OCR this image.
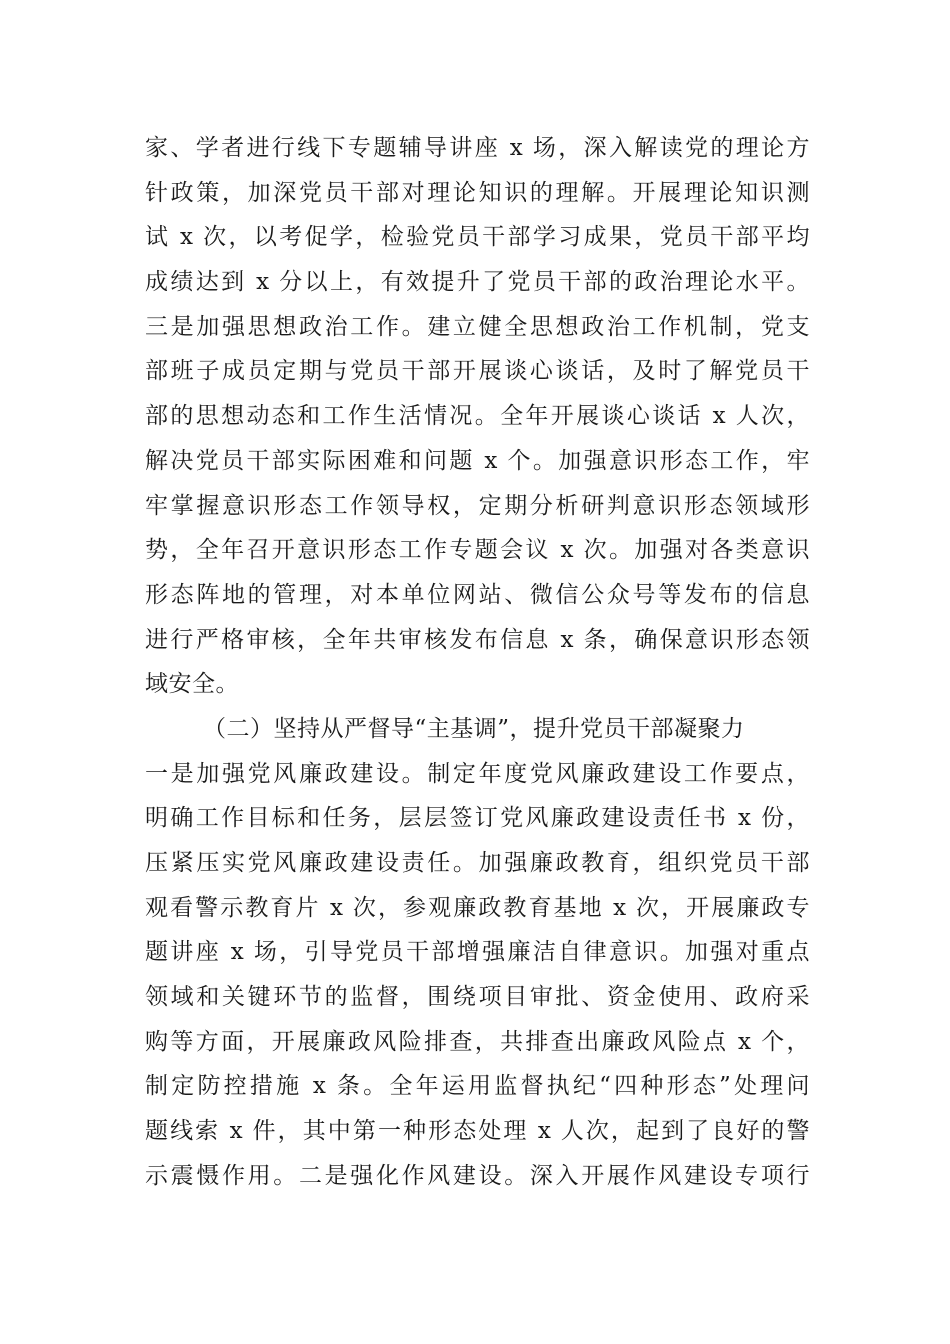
家、学者进行线下专题辅导讲座 x 场，深入解读党的理论方
针政策，加深党员干部对理论知识的理解。开展理论知识测
试 x 次，以考促学，检验党员干部学习成果，党员干部平均
成绩达到 x 分以上，有效提升了党员干部的政治理论水平。
三是加强思想政治工作。建立健全思想政治工作机制，党支
部班子成员定期与党员干部开展谈心谈话，及时了解党员干
部的思想动态和工作生活情况。全年开展谈心谈话 x 人次，
解决党员干部实际困难和问题 x 个。加强意识形态工作，牢
牢掌握意识形态工作领导权，定期分析研判意识形态领域形
势，全年召开意识形态工作专题会议 x 次。加强对各类意识
形态阵地的管理，对本单位网站、微信公众号等发布的信息
进行严格审核，全年共审核发布信息 x 条，确保意识形态领
域安全。
（二）坚持从严督导“主基调”，提升党员干部凝聚力
一是加强党风廉政建设。制定年度党风廉政建设工作要点，
明确工作目标和任务，层层签订党风廉政建设责任书 x 份，
压紧压实党风廉政建设责任。加强廉政教育，组织党员干部
观看警示教育片 x 次，参观廉政教育基地 x 次，开展廉政专
题讲座 x 场，引导党员干部增强廉洁自律意识。加强对重点
领域和关键环节的监督，围绕项目审批、资金使用、政府采
购等方面，开展廉政风险排查，共排查出廉政风险点 x 个，
制定防控措施 x 条。全年运用监督执纪“四种形态”处理问
题线索 x 件，其中第一种形态处理 x 人次，起到了良好的警
示震慑作用。二是强化作风建设。深入开展作风建设专项行
